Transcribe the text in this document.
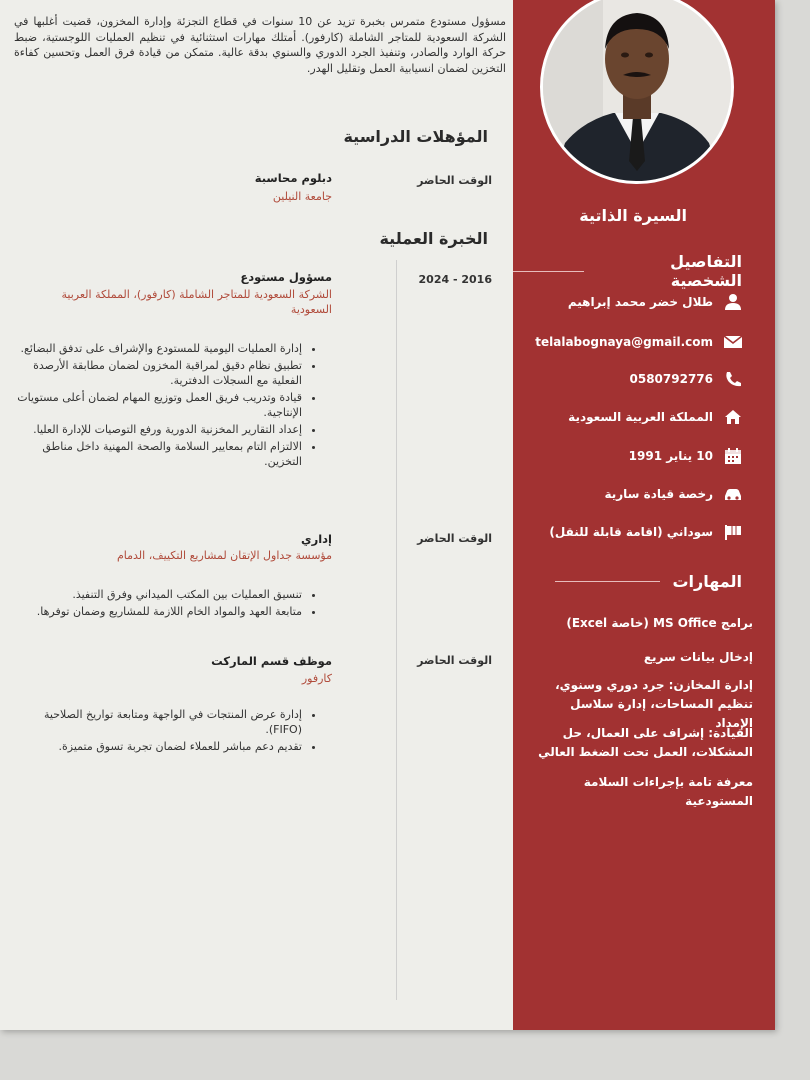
مسؤول مستودع متمرس بخبرة تزيد عن 10 سنوات في قطاع التجزئة وإدارة المخزون، قضيت أغلبها في الشركة السعودية للمتاجر الشاملة (كارفور). أمتلك مهارات استثنائية في تنظيم العمليات اللوجستية، ضبط حركة الوارد والصادر، وتنفيذ الجرد الدوري والسنوي بدقة عالية. متمكن من قيادة فرق العمل وتحسين كفاءة التخزين لضمان انسيابية العمل وتقليل الهدر.
المؤهلات الدراسية
الوقت الحاضر
دبلوم محاسبة
جامعة النيلين
الخبرة العملية
2016 - 2024
مسؤول مستودع
الشركة السعودية للمتاجر الشاملة (كارفور)، المملكة العربية السعودية
• إدارة العمليات اليومية للمستودع والإشراف على تدفق البضائع.
• تطبيق نظام دقيق لمراقبة المخزون لضمان مطابقة الأرصدة الفعلية مع السجلات الدفترية.
• قيادة وتدريب فريق العمل وتوزيع المهام لضمان أعلى مستويات الإنتاجية.
• إعداد التقارير المخزنية الدورية ورفع التوصيات للإدارة العليا.
• الالتزام التام بمعايير السلامة والصحة المهنية داخل مناطق التخزين.
الوقت الحاضر
إداري
مؤسسة جداول الإتقان لمشاريع التكييف، الدمام
• تنسيق العمليات بين المكتب الميداني وفرق التنفيذ.
• متابعة العهد والمواد الخام اللازمة للمشاريع وضمان توفرها.
الوقت الحاضر
موظف قسم الماركت
كارفور
• إدارة عرض المنتجات في الواجهة ومتابعة تواريخ الصلاحية (FIFO).
• تقديم دعم مباشر للعملاء لضمان تجربة تسوق متميزة.
السيرة الذاتية
التفاصيل الشخصية
طلال خضر محمد إبراهيم
telalabognaya@gmail.com
0580792776
المملكة العربية السعودية
10 يناير 1991
رخصة قيادة سارية
سوداني (اقامة قابلة للنقل)
المهارات
برامج MS Office (خاصة Excel)
إدخال بيانات سريع
إدارة المخازن: جرد دوري وسنوي، تنظيم المساحات، إدارة سلاسل الإمداد
القيادة: إشراف على العمال، حل المشكلات، العمل تحت الضغط العالي
معرفة تامة بإجراءات السلامة المستودعية
